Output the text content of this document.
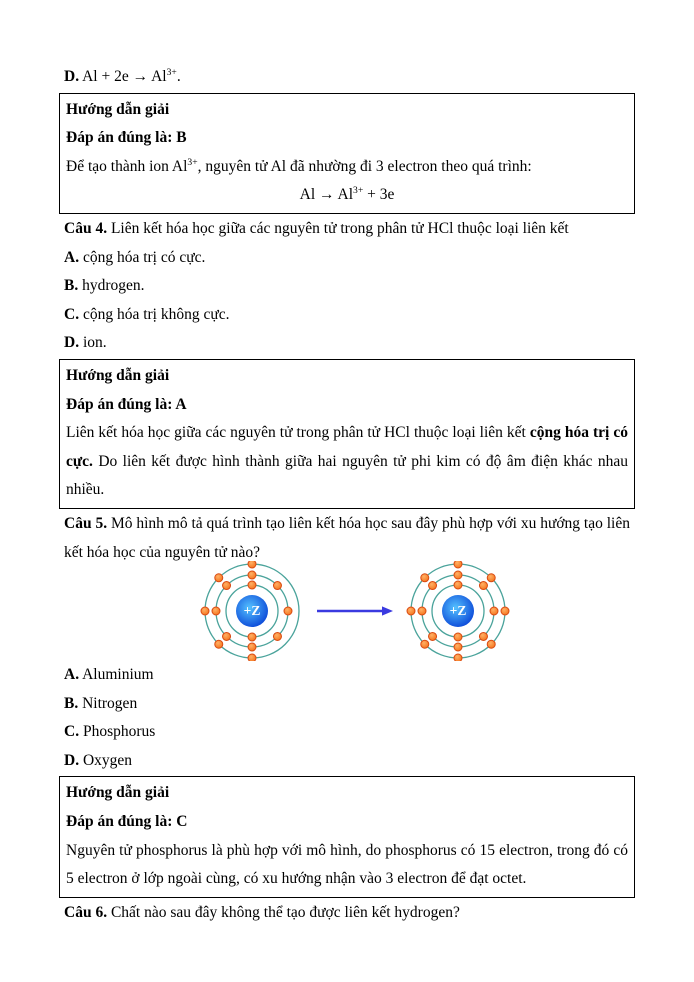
D. $Al + 2e \to Al^{3+}$.

Hướng dẫn giải

Đáp án đúng là: B

Để tạo thành ion $Al^{3+}$, nguyên tử Al đã nhường đi 3 electron theo quá trình:

$Al \to Al^{3+} + 3e$

Câu 4. Liên kết hóa học giữa các nguyên tử trong phân tử HCl thuộc loại liên kết

A. cộng hóa trị có cực.

B. hydrogen.

C. cộng hóa trị không cực.

D. ion.

Hướng dẫn giải

Đáp án đúng là: A

Liên kết hóa học giữa các nguyên tử trong phân tử HCl thuộc loại liên kết cộng hóa trị có cực. Do liên kết được hình thành giữa hai nguyên tử phi kim có độ âm điện khác nhau nhiều.

Câu 5. Mô hình mô tả quá trình tạo liên kết hóa học sau đây phù hợp với xu hướng tạo liên kết hóa học của nguyên tử nào?

+Z	+Z

A. Aluminium

B. Nitrogen

C. Phosphorus

D. Oxygen

Hướng dẫn giải

Đáp án đúng là: C

Nguyên tử phosphorus là phù hợp với mô hình, do phosphorus có 15 electron, trong đó có 5 electron ở lớp ngoài cùng, có xu hướng nhận vào 3 electron để đạt octet.

Câu 6. Chất nào sau đây không thể tạo được liên kết hydrogen?
